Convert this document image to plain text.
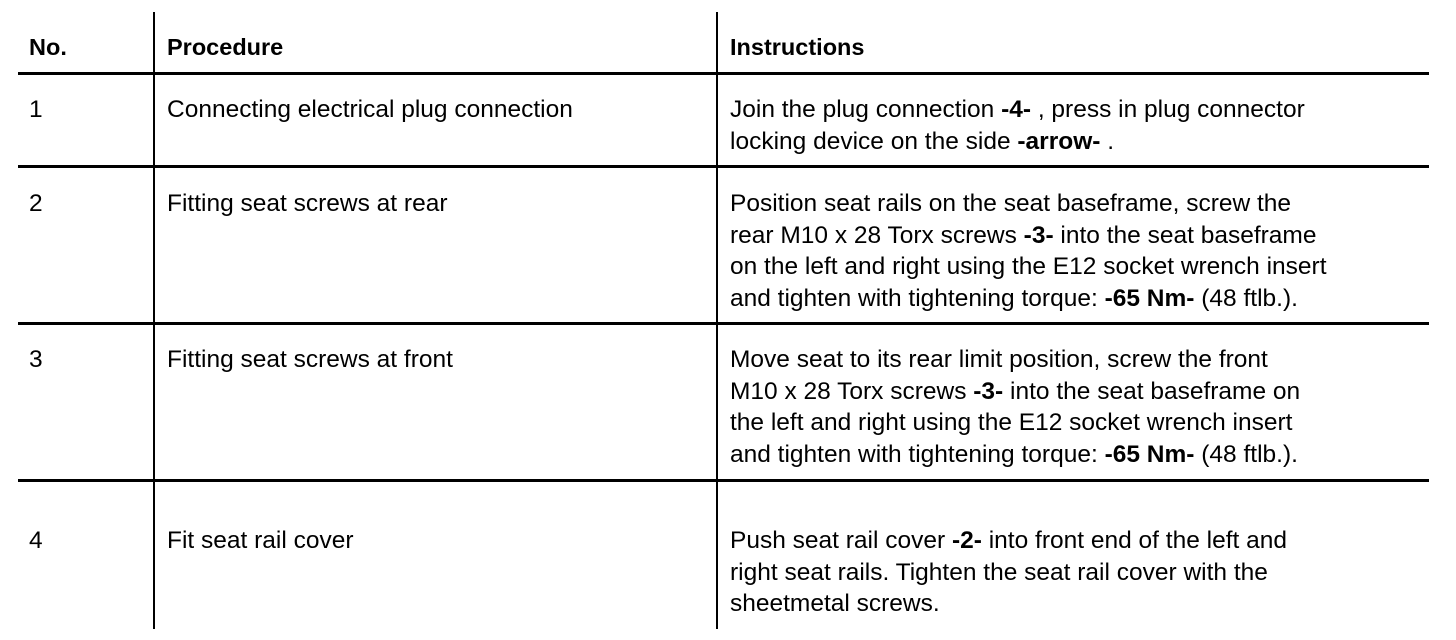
No.	Procedure	Instructions
1	Connecting electrical plug connection	Join the plug connection -4- , press in plug connector
locking device on the side -arrow- .
2	Fitting seat screws at rear	Position seat rails on the seat baseframe, screw the
rear M10 x 28 Torx screws -3- into the seat baseframe
on the left and right using the E12 socket wrench insert
and tighten with tightening torque: -65 Nm- (48 ftlb.).
3	Fitting seat screws at front	Move seat to its rear limit position, screw the front
M10 x 28 Torx screws -3- into the seat baseframe on
the left and right using the E12 socket wrench insert
and tighten with tightening torque: -65 Nm- (48 ftlb.).
4	Fit seat rail cover	Push seat rail cover -2- into front end of the left and
right seat rails. Tighten the seat rail cover with the
sheetmetal screws.
